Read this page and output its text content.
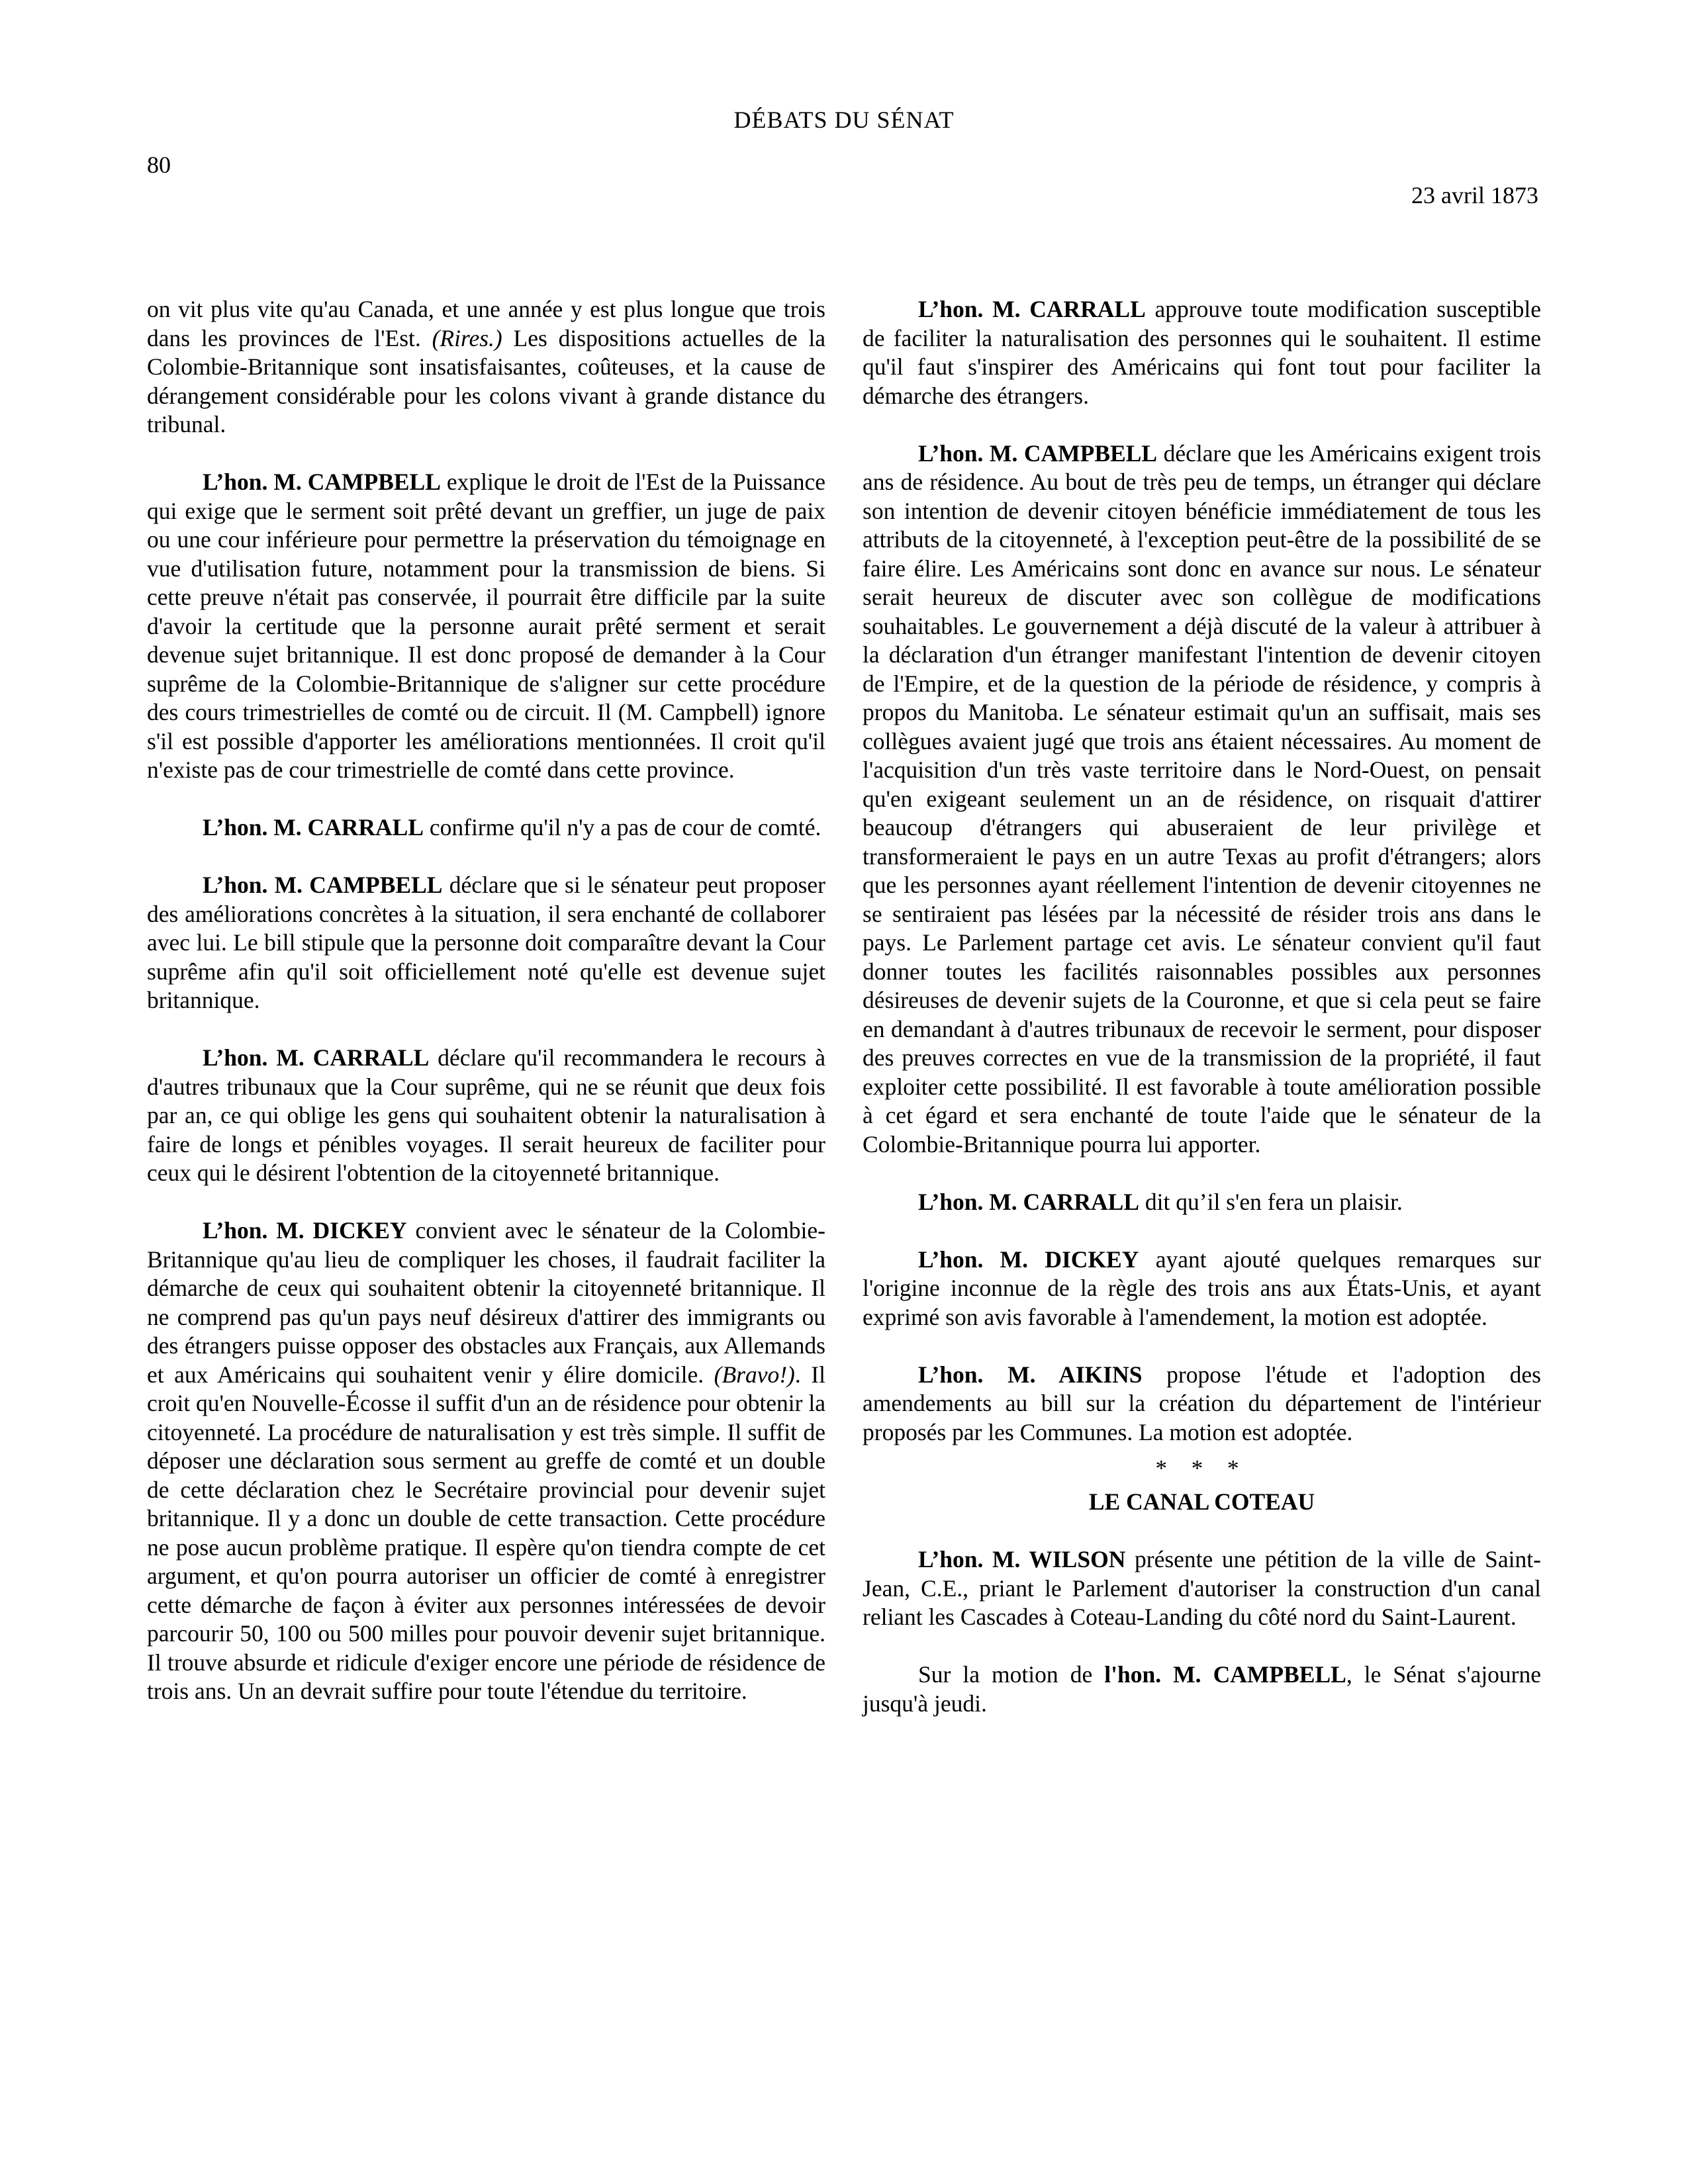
DÉBATS DU SÉNAT

80

23 avril 1873

on vit plus vite qu'au Canada, et une année y est plus longue que trois dans les provinces de l'Est. (Rires.) Les dispositions actuelles de la Colombie-Britannique sont insatisfaisantes, coûteuses, et la cause de dérangement considérable pour les colons vivant à grande distance du tribunal.

L’hon. M. CAMPBELL explique le droit de l'Est de la Puissance qui exige que le serment soit prêté devant un greffier, un juge de paix ou une cour inférieure pour permettre la préservation du témoignage en vue d'utilisation future, notamment pour la transmission de biens. Si cette preuve n'était pas conservée, il pourrait être difficile par la suite d'avoir la certitude que la personne aurait prêté serment et serait devenue sujet britannique. Il est donc proposé de demander à la Cour suprême de la Colombie-Britannique de s'aligner sur cette procédure des cours trimestrielles de comté ou de circuit. Il (M. Campbell) ignore s'il est possible d'apporter les améliorations mentionnées. Il croit qu'il n'existe pas de cour trimestrielle de comté dans cette province.

L’hon. M. CARRALL confirme qu'il n'y a pas de cour de comté.

L’hon. M. CAMPBELL déclare que si le sénateur peut proposer des améliorations concrètes à la situation, il sera enchanté de collaborer avec lui. Le bill stipule que la personne doit comparaître devant la Cour suprême afin qu'il soit officiellement noté qu'elle est devenue sujet britannique.

L’hon. M. CARRALL déclare qu'il recommandera le recours à d'autres tribunaux que la Cour suprême, qui ne se réunit que deux fois par an, ce qui oblige les gens qui souhaitent obtenir la naturalisation à faire de longs et pénibles voyages. Il serait heureux de faciliter pour ceux qui le désirent l'obtention de la citoyenneté britannique.

L’hon. M. DICKEY convient avec le sénateur de la Colombie-Britannique qu'au lieu de compliquer les choses, il faudrait faciliter la démarche de ceux qui souhaitent obtenir la citoyenneté britannique. Il ne comprend pas qu'un pays neuf désireux d'attirer des immigrants ou des étrangers puisse opposer des obstacles aux Français, aux Allemands et aux Américains qui souhaitent venir y élire domicile. (Bravo!). Il croit qu'en Nouvelle-Écosse il suffit d'un an de résidence pour obtenir la citoyenneté. La procédure de naturalisation y est très simple. Il suffit de déposer une déclaration sous serment au greffe de comté et un double de cette déclaration chez le Secrétaire provincial pour devenir sujet britannique. Il y a donc un double de cette transaction. Cette procédure ne pose aucun problème pratique. Il espère qu'on tiendra compte de cet argument, et qu'on pourra autoriser un officier de comté à enregistrer cette démarche de façon à éviter aux personnes intéressées de devoir parcourir 50, 100 ou 500 milles pour pouvoir devenir sujet britannique. Il trouve absurde et ridicule d'exiger encore une période de résidence de trois ans. Un an devrait suffire pour toute l'étendue du territoire.

L’hon. M. CARRALL approuve toute modification susceptible de faciliter la naturalisation des personnes qui le souhaitent. Il estime qu'il faut s'inspirer des Américains qui font tout pour faciliter la démarche des étrangers.

L’hon. M. CAMPBELL déclare que les Américains exigent trois ans de résidence. Au bout de très peu de temps, un étranger qui déclare son intention de devenir citoyen bénéficie immédiatement de tous les attributs de la citoyenneté, à l'exception peut-être de la possibilité de se faire élire. Les Américains sont donc en avance sur nous. Le sénateur serait heureux de discuter avec son collègue de modifications souhaitables. Le gouvernement a déjà discuté de la valeur à attribuer à la déclaration d'un étranger manifestant l'intention de devenir citoyen de l'Empire, et de la question de la période de résidence, y compris à propos du Manitoba. Le sénateur estimait qu'un an suffisait, mais ses collègues avaient jugé que trois ans étaient nécessaires. Au moment de l'acquisition d'un très vaste territoire dans le Nord-Ouest, on pensait qu'en exigeant seulement un an de résidence, on risquait d'attirer beaucoup d'étrangers qui abuseraient de leur privilège et transformeraient le pays en un autre Texas au profit d'étrangers; alors que les personnes ayant réellement l'intention de devenir citoyennes ne se sentiraient pas lésées par la nécessité de résider trois ans dans le pays. Le Parlement partage cet avis. Le sénateur convient qu'il faut donner toutes les facilités raisonnables possibles aux personnes désireuses de devenir sujets de la Couronne, et que si cela peut se faire en demandant à d'autres tribunaux de recevoir le serment, pour disposer des preuves correctes en vue de la transmission de la propriété, il faut exploiter cette possibilité. Il est favorable à toute amélioration possible à cet égard et sera enchanté de toute l'aide que le sénateur de la Colombie-Britannique pourra lui apporter.

L’hon. M. CARRALL dit qu’il s'en fera un plaisir.

L’hon. M. DICKEY ayant ajouté quelques remarques sur l'origine inconnue de la règle des trois ans aux États-Unis, et ayant exprimé son avis favorable à l'amendement, la motion est adoptée.

L’hon. M. AIKINS propose l'étude et l'adoption des amendements au bill sur la création du département de l'intérieur proposés par les Communes. La motion est adoptée.

* * *
LE CANAL COTEAU

L’hon. M. WILSON présente une pétition de la ville de Saint-Jean, C.E., priant le Parlement d'autoriser la construction d'un canal reliant les Cascades à Coteau-Landing du côté nord du Saint-Laurent.

Sur la motion de l'hon. M. CAMPBELL, le Sénat s'ajourne jusqu'à jeudi.
